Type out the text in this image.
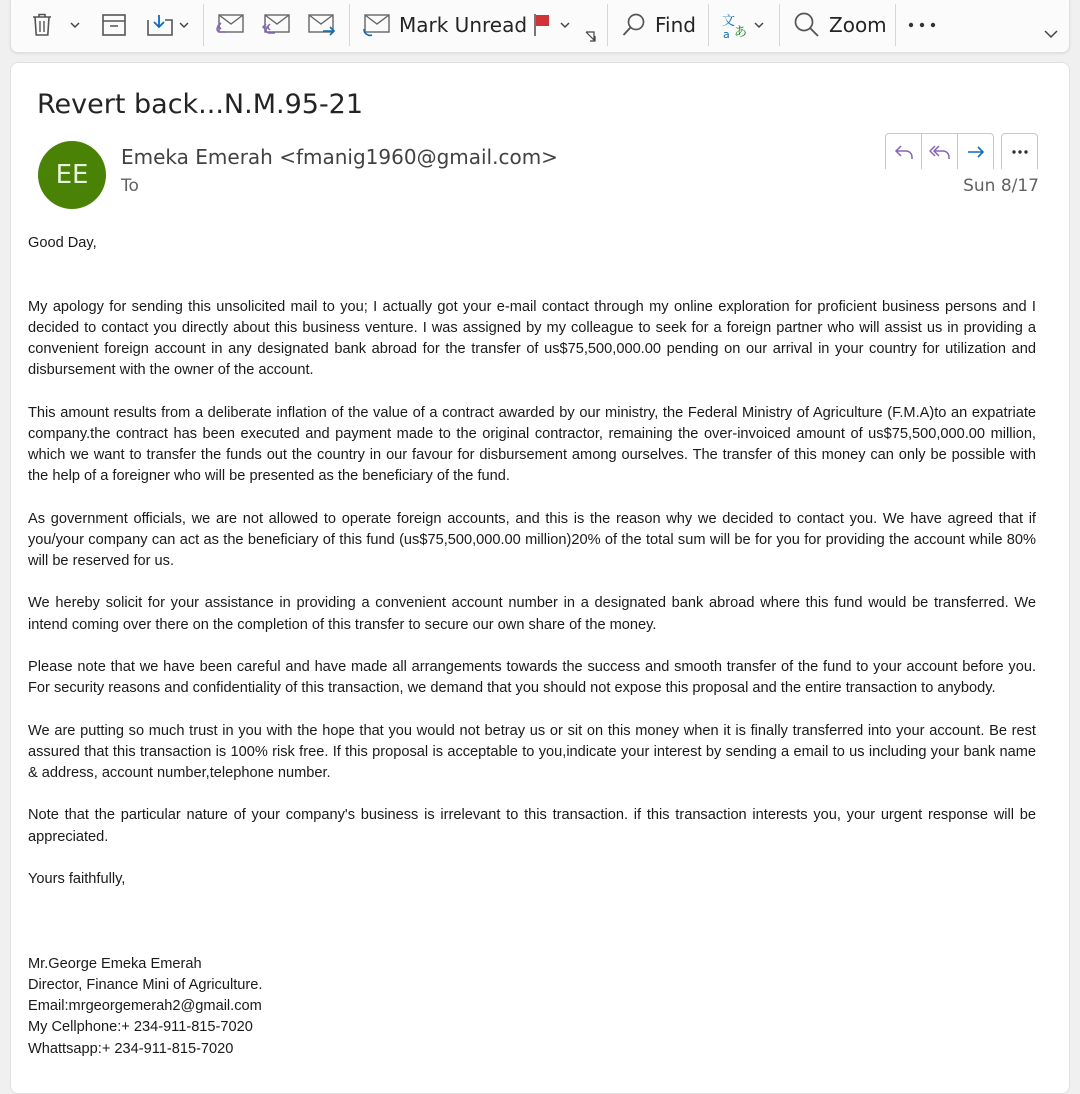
Mark Unread	Find 文
あ
a	Zoom
Revert back...N.M.95-21
EE
Emeka Emerah <fmanig1960@gmail.com>
To	Sun 8/17

Good Day,

My apology for sending this unsolicited mail to you; I actually got your e-mail contact through my online exploration for proficient business persons and I decided to contact you directly about this business venture. I was assigned by my colleague to seek for a foreign partner who will assist us in providing a convenient foreign account in any designated bank abroad for the transfer of us$75,500,000.00 pending on our arrival in your country for utilization and disbursement with the owner of the account.

This amount results from a deliberate inflation of the value of a contract awarded by our ministry, the Federal Ministry of Agriculture (F.M.A)to an expatriate company.the contract has been executed and payment made to the original contractor, remaining the over-invoiced amount of us$75,500,000.00 million, which we want to transfer the funds out the country in our favour for disbursement among ourselves. The transfer of this money can only be possible with the help of a foreigner who will be presented as the beneficiary of the fund.

As government officials, we are not allowed to operate foreign accounts, and this is the reason why we decided to contact you. We have agreed that if you/your company can act as the beneficiary of this fund (us$75,500,000.00 million)20% of the total sum will be for you for providing the account while 80% will be reserved for us.

We hereby solicit for your assistance in providing a convenient account number in a designated bank abroad where this fund would be transferred. We intend coming over there on the completion of this transfer to secure our own share of the money.

Please note that we have been careful and have made all arrangements towards the success and smooth transfer of the fund to your account before you. For security reasons and confidentiality of this transaction, we demand that you should not expose this proposal and the entire transaction to anybody.

We are putting so much trust in you with the hope that you would not betray us or sit on this money when it is finally transferred into your account. Be rest assured that this transaction is 100% risk free. If this proposal is acceptable to you,indicate your interest by sending a email to us including your bank name & address, account number,telephone number.

Note that the particular nature of your company's business is irrelevant to this transaction. if this transaction interests you, your urgent response will be appreciated.

Yours faithfully,

Mr.George Emeka Emerah
Director, Finance Mini of Agriculture.
Email:mrgeorgemerah2@gmail.com
My Cellphone:+ 234-911-815-7020
Whattsapp:+ 234-911-815-7020
